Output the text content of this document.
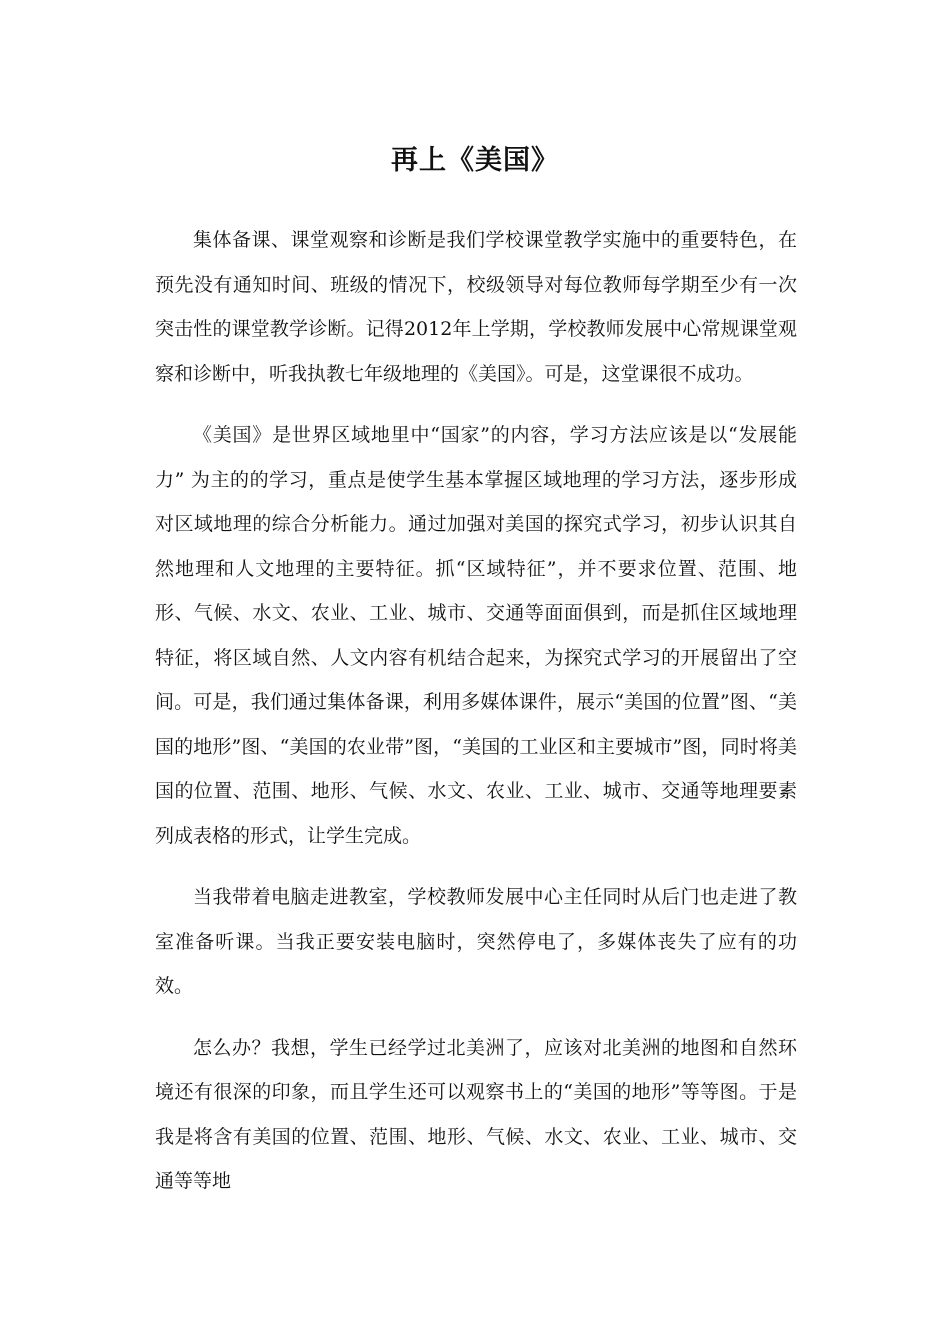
再上《美国》

集体备课、课堂观察和诊断是我们学校课堂教学实施中的重要特色，在预先没有通知时间、班级的情况下，校级领导对每位教师每学期至少有一次突击性的课堂教学诊断。记得2012年上学期，学校教师发展中心常规课堂观察和诊断中，听我执教七年级地理的《美国》。可是，这堂课很不成功。

《美国》是世界区域地里中“国家”的内容，学习方法应该是以“发展能力” 为主的的学习，重点是使学生基本掌握区域地理的学习方法，逐步形成对区域地理的综合分析能力。通过加强对美国的探究式学习，初步认识其自然地理和人文地理的主要特征。抓“区域特征”，并不要求位置、范围、地形、气候、水文、农业、工业、城市、交通等面面俱到，而是抓住区域地理特征，将区域自然、人文内容有机结合起来，为探究式学习的开展留出了空间。可是，我们通过集体备课，利用多媒体课件，展示“美国的位置”图、“美国的地形”图、“美国的农业带”图，“美国的工业区和主要城市”图，同时将美国的位置、范围、地形、气候、水文、农业、工业、城市、交通等地理要素列成表格的形式，让学生完成。

当我带着电脑走进教室，学校教师发展中心主任同时从后门也走进了教室准备听课。当我正要安装电脑时，突然停电了，多媒体丧失了应有的功效。

怎么办？我想，学生已经学过北美洲了，应该对北美洲的地图和自然环境还有很深的印象，而且学生还可以观察书上的“美国的地形”等等图。于是我是将含有美国的位置、范围、地形、气候、水文、农业、工业、城市、交通等等地
